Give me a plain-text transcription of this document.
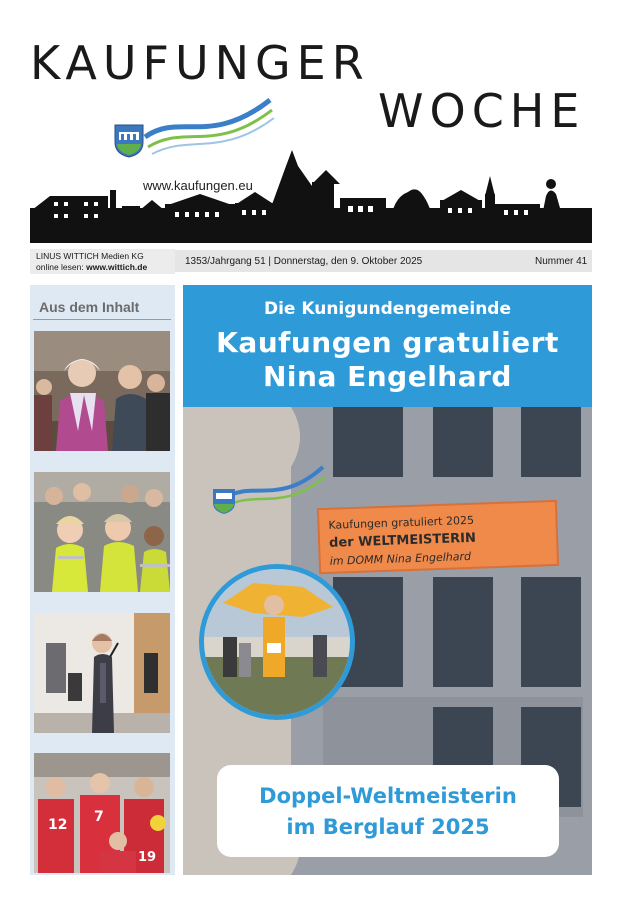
KAUFUNGER
WOCHE
www.kaufungen.eu
LINUS WITTICH Medien KG
online lesen: www.wittich.de	1353/Jahrgang 51 | Donnerstag, den 9. Oktober 2025	Nummer 41
Aus dem Inhalt
12 7
19
Die Kunigundengemeinde
Kaufungen gratuliert
Nina Engelhard
Kaufungen gratuliert 2025
der WELTMEISTERIN
im DOMM Nina Engelhard
Doppel-Weltmeisterin
im Berglauf 2025
